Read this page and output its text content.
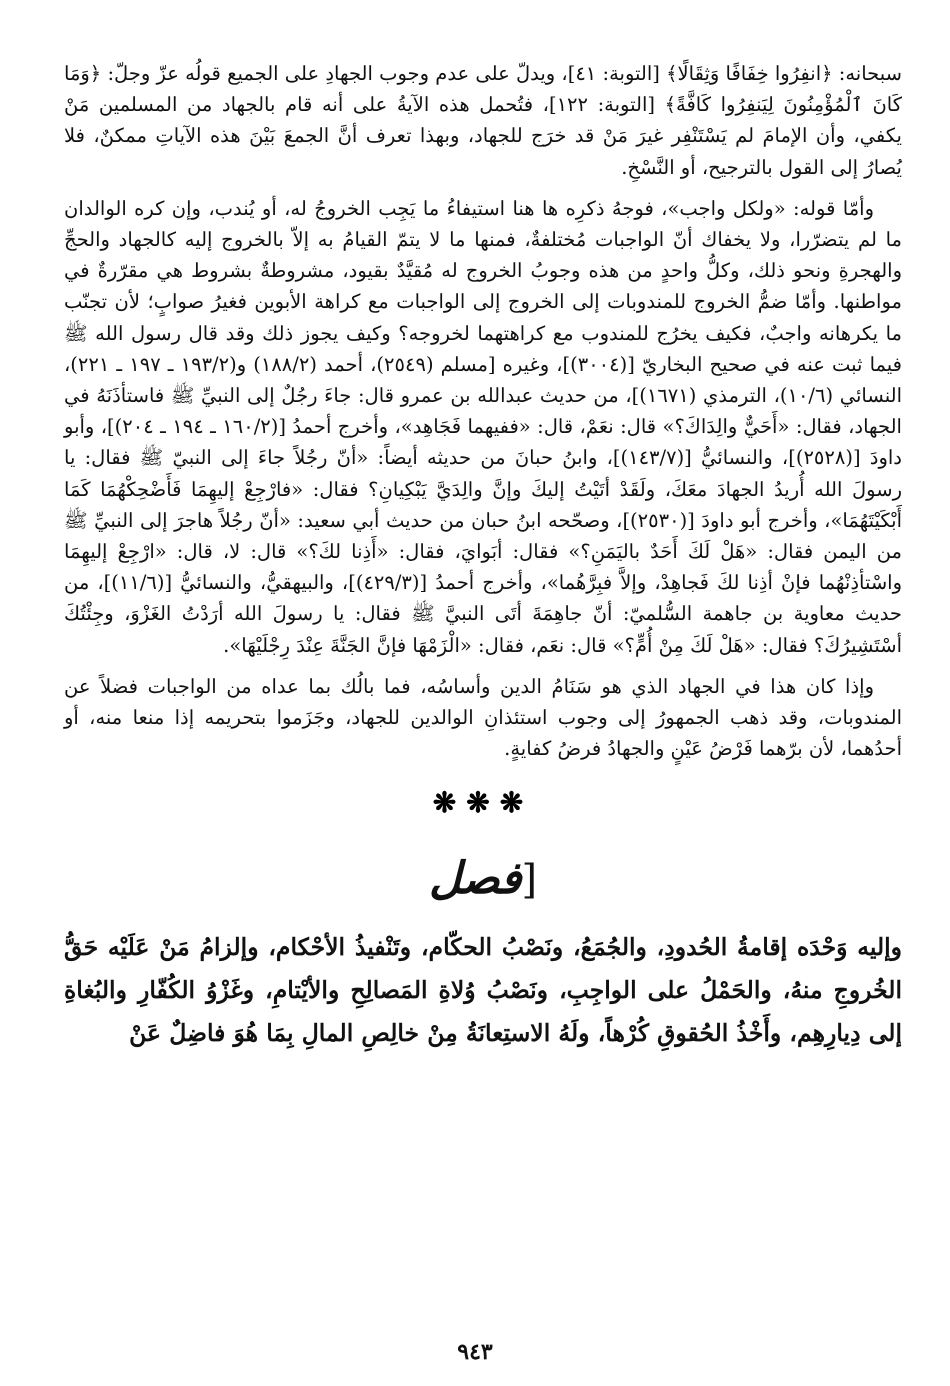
سبحانه: ﴿انفِرُوا خِفَافًا وَثِقَالًا﴾ [التوبة: ٤١]، ويدلّ على عدم وجوب الجهادِ على الجميع قولُه عزّ وجلّ: ﴿وَمَا كَانَ ٱلْمُؤْمِنُونَ لِيَنفِرُوا كَافَّةً﴾ [التوبة: ١٢٢]، فتُحمل هذه الآيةُ على أنه قام بالجهاد من المسلمين مَنْ يكفي، وأن الإمامَ لم يَسْتَنْفِر غيرَ مَنْ قد خرَج للجهاد، وبهذا تعرف أنَّ الجمعَ بَيْنَ هذه الآياتِ ممكنٌ، فلا يُصارُ إلى القول بالترجيح، أو النَّسْخِ.

وأمّا قوله: «ولكل واجب»، فوجهُ ذكرِه ها هنا استيفاءُ ما يَجِب الخروجُ له، أو يُندب، وإن كره الوالدان ما لم يتضرّرا، ولا يخفاك أنّ الواجبات مُختلفةٌ، فمنها ما لا يتمّ القيامُ به إلاّ بالخروج إليه كالجهاد والحجِّ والهجرةِ ونحو ذلك، وكلُّ واحدٍ من هذه وجوبُ الخروج له مُقيَّدٌ بقيود، مشروطةٌ بشروط هي مقرّرةٌ في مواطنها. وأمّا ضمُّ الخروج للمندوبات إلى الخروج إلى الواجبات مع كراهة الأبوين فغيرُ صوابٍ؛ لأن تجنّب ما يكرهانه واجبٌ، فكيف يخرُج للمندوب مع كراهتهما لخروجه؟ وكيف يجوز ذلك وقد قال رسول الله ﷺ فيما ثبت عنه في صحيح البخاريّ [(٣٠٠٤)]، وغيره [مسلم (٢٥٤٩)، أحمد (١٨٨/٢) و(١٩٣/٢ ـ ١٩٧ ـ ٢٢١)، النسائي (١٠/٦)، الترمذي (١٦٧١)]، من حديث عبدالله بن عمرو قال: جاءَ رجُلٌ إلى النبيِّ ﷺ فاستأذَنَهُ في الجهاد، فقال: «أَحَيٌّ والِدَاكَ؟» قال: نعَمْ، قال: «ففيهما فَجَاهِد»، وأخرج أحمدُ [(١٦٠/٢ ـ ١٩٤ ـ ٢٠٤)]، وأبو داودَ [(٢٥٢٨)]، والنسائيُّ [(١٤٣/٧)]، وابنُ حبانَ من حديثه أيضاً: «أنّ رجُلاً جاءَ إلى النبيّ ﷺ فقال: يا رسولَ الله أُريدُ الجهادَ معَكَ، ولَقَدْ أتَيْتُ إليكَ وإنَّ والِدَيَّ يَبْكِيانِ؟ فقال: «فارْجِعْ إليهِمَا فَأَضْحِكْهُمَا كَمَا أَبْكَيْتَهُمَا»، وأخرج أبو داودَ [(٢٥٣٠)]، وصحّحه ابنُ حبان من حديث أبي سعيد: «أنّ رجُلاً هاجرَ إلى النبيِّ ﷺ من اليمن فقال: «هَلْ لَكَ أَحَدٌ باليَمَنِ؟» فقال: أبَوايَ، فقال: «أَذِنا لكَ؟» قال: لا، قال: «ارْجِعْ إليهِمَا واسْتأذِنْهُما فإنْ أذِنا لكَ فَجاهِدْ، وإلاَّ فبِرَّهُما»، وأخرج أحمدُ [(٤٢٩/٣)]، والبيهقيُّ، والنسائيُّ [(١١/٦)]، من حديث معاوية بن جاهمة السُّلميّ: أنّ جاهِمَةَ أتَى النبيَّ ﷺ فقال: يا رسولَ الله أرَدْتُ الغَزْوَ، وجِئْتُكَ أسْتَشِيرُكَ؟ فقال: «هَلْ لَكَ مِنْ أُمٍّ؟» قال: نعَم، فقال: «الْزَمْهَا فإنَّ الجَنَّةَ عِنْدَ رِجْلَيْهَا».

وإذا كان هذا في الجهاد الذي هو سَنَامُ الدين وأساسُه، فما بالُك بما عداه من الواجبات فضلاً عن المندوبات، وقد ذهب الجمهورُ إلى وجوب استئذانِ الوالدين للجهاد، وجَزَموا بتحريمه إذا منعا منه، أو أحدُهما، لأن برّهما فَرْضُ عَيْنٍ والجهادُ فرضُ كفايةٍ.

❋❋❋
[فصل

وإليه وَحْدَه إقامةُ الحُدودِ، والجُمَعُ، ونَصْبُ الحكّام، وتَنْفيذُ الأحْكام، وإلزامُ مَنْ عَلَيْه حَقُّ الخُروجِ منهُ، والحَمْلُ على الواجِبِ، ونَصْبُ وُلاةِ المَصالِحِ والأيْتامِ، وغَزْوُ الكُفّارِ والبُغاةِ إلى دِيارِهِم، وأَخْذُ الحُقوقِ كُرْهاً، ولَهُ الاستِعانَةُ مِنْ خالِصِ المالِ بِمَا هُوَ فاضِلٌ عَنْ

٩٤٣
